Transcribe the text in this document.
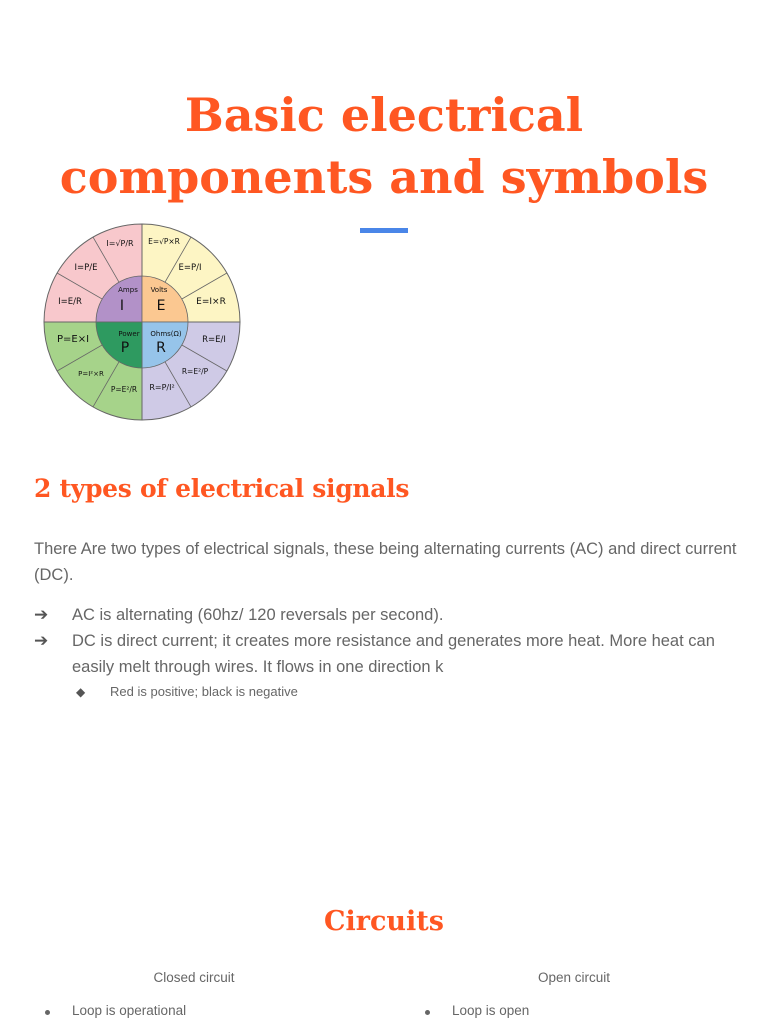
Basic electrical
components and symbols
Amps
I
Volts
E
Power
P
Ohms(Ω)
R
E=√P×R
E=P/I
E=I×R
R=E/I
R=E²/P
R=P/I²
P=E²/R
P=I²×R
P=E×I
I=E/R
I=P/E
I=√P/R
2 types of electrical signals
There Are two types of electrical signals, these being alternating currents (AC) and direct current (DC).
➔ AC is alternating (60hz/ 120 reversals per second).
➔ DC is direct current; it creates more resistance and generates more heat. More heat can easily melt through wires. It flows in one direction k
◆ Red is positive; black is negative
Circuits
Closed circuit	Open circuit
Loop is operational	Loop is open
